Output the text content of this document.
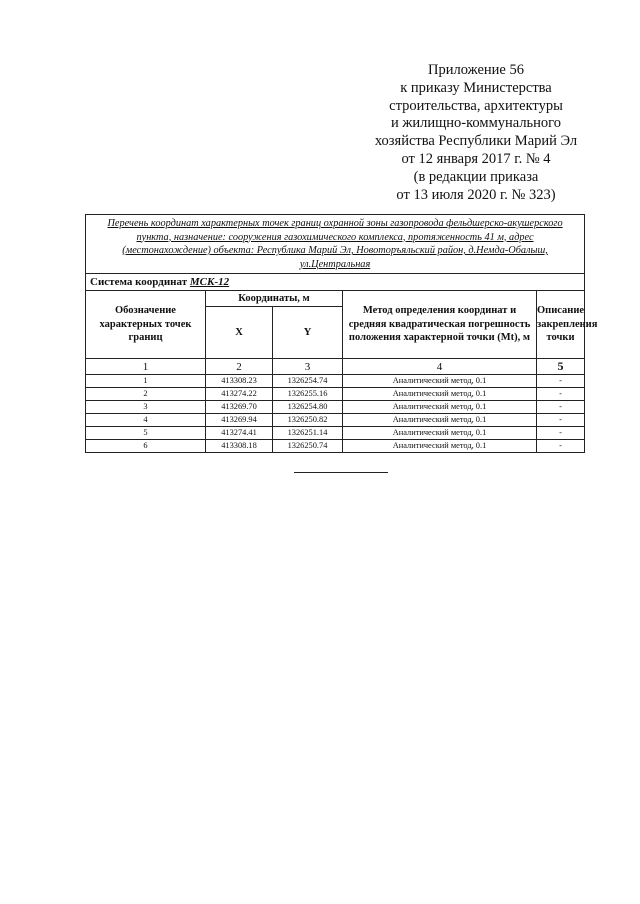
Приложение 56
к приказу Министерства
строительства, архитектуры
и жилищно-коммунального
хозяйства Республики Марий Эл
от 12 января 2017 г. № 4
(в редакции приказа
от 13 июля 2020 г. № 323)
Перечень координат характерных точек границ охранной зоны газопровода фельдшерско-акушерского пункта, назначение: сооружения газохимического комплекса, протяженность 41 м, адрес (местонахождение) объекта: Республика Марий Эл, Новоторъяльский район, д.Немда-Обалыш, ул.Центральная				
Система координат МСК-12				
Обозначение характерных точек границ	Координаты, м		Метод определения координат и средняя квадратическая погрешность положения характерной точки (Mt), м	Описание закрепления точки
	X	Y		
1	2	3	4	5
1	413308.23	1326254.74	Аналитический метод, 0.1	-
2	413274.22	1326255.16	Аналитический метод, 0.1	-
3	413269.70	1326254.80	Аналитический метод, 0.1	-
4	413269.94	1326250.82	Аналитический метод, 0.1	-
5	413274.41	1326251.14	Аналитический метод, 0.1	-
6	413308.18	1326250.74	Аналитический метод, 0.1	-
